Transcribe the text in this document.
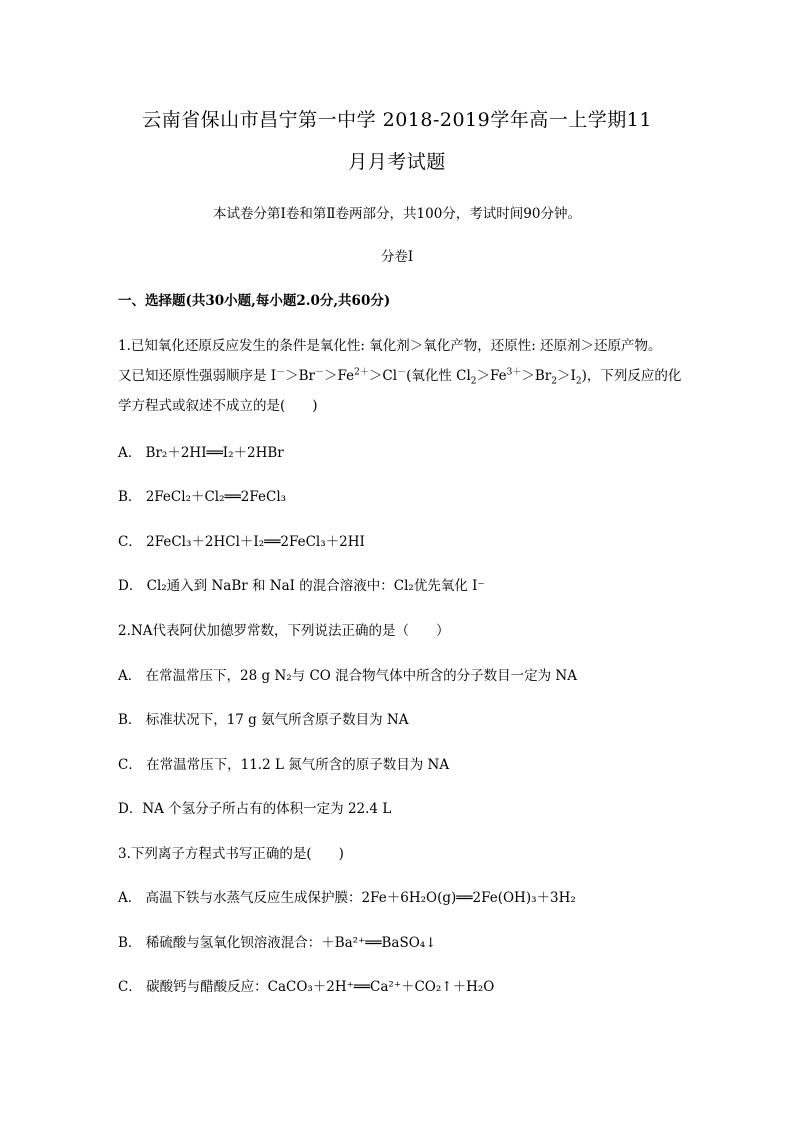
云南省保山市昌宁第一中学 2018-2019学年高一上学期11
月月考试题
本试卷分第Ⅰ卷和第Ⅱ卷两部分，共100分，考试时间90分钟。
分卷I
一、选择题(共30小题,每小题2.0分,共60分)
1.已知氧化还原反应发生的条件是氧化性: 氧化剂＞氧化产物，还原性: 还原剂＞还原产物。
又已知还原性强弱顺序是 $I^->Br^->Fe^{2+}>Cl^-$(氧化性 $Cl_2>Fe^{3+}>Br_2>I_2$)，下列反应的化
学方程式或叙述不成立的是(　　)
A． Br₂＋2HI══I₂＋2HBr
B． 2FeCl₂＋Cl₂══2FeCl₃
C． 2FeCl₃＋2HCl＋I₂══2FeCl₃＋2HI
D． Cl₂通入到 NaBr 和 NaI 的混合溶液中：Cl₂优先氧化 I⁻
2.NA代表阿伏加德罗常数，下列说法正确的是（　　）
A． 在常温常压下，28 g N₂与 CO 混合物气体中所含的分子数目一定为 NA
B． 标准状况下，17 g 氨气所含原子数目为 NA
C． 在常温常压下，11.2 L 氮气所含的原子数目为 NA
D．NA 个氢分子所占有的体积一定为 22.4 L
3.下列离子方程式书写正确的是(　　)
A． 高温下铁与水蒸气反应生成保护膜：2Fe＋6H₂O(g)══2Fe(OH)₃＋3H₂
B． 稀硫酸与氢氧化钡溶液混合：＋Ba²⁺══BaSO₄↓
C． 碳酸钙与醋酸反应：CaCO₃＋2H⁺══Ca²⁺＋CO₂↑＋H₂O
